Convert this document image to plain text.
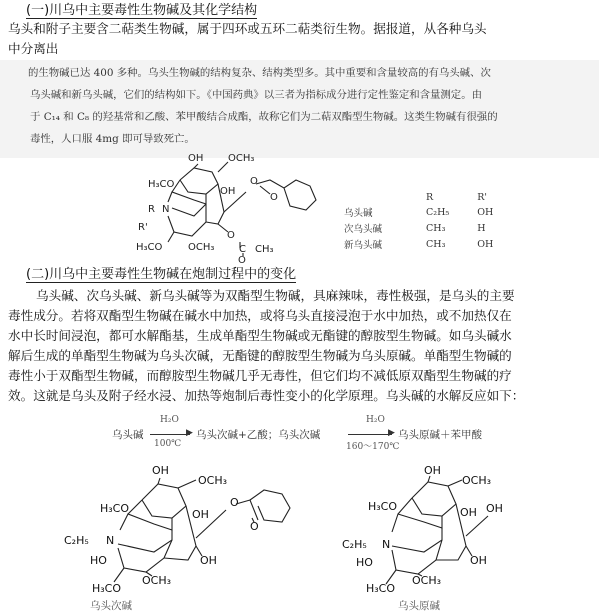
(一)川乌中主要毒性生物碱及其化学结构
乌头和附子主要含二萜类生物碱，属于四环或五环二萜类衍生物。据报道，从各种乌头
中分离出
的生物碱已达 400 多种。乌头生物碱的结构复杂、结构类型多。其中重要和含量较高的有乌头碱、次
乌头碱和新乌头碱，它们的结构如下。《中国药典》以三者为指标成分进行定性鉴定和含量测定。由
于 C₁₄ 和 C₈ 的羟基常和乙酸、苯甲酸结合成酯，故称它们为二萜双酯型生物碱。这类生物碱有很强的
毒性，人口服 4mg 即可导致死亡。
OH OCH₃
H₃CO
OH
R N
R'
H₃CO	OCH₃
O
O
O
C CH₃
O
	R	R'
乌头碱	C₂H₅	OH
次乌头碱	CH₃	H
新乌头碱	CH₃	OH
(二)川乌中主要毒性生物碱在炮制过程中的变化
乌头碱、次乌头碱、新乌头碱等为双酯型生物碱，具麻辣味，毒性极强，是乌头的主要
毒性成分。若将双酯型生物碱在碱水中加热，或将乌头直接浸泡于水中加热，或不加热仅在
水中长时间浸泡，都可水解酯基，生成单酯型生物碱或无酯键的醇胺型生物碱。如乌头碱水
解后生成的单酯型生物碱为乌头次碱，无酯键的醇胺型生物碱为乌头原碱。单酯型生物碱的
毒性小于双酯型生物碱，而醇胺型生物碱几乎无毒性，但它们均不减低原双酯型生物碱的疗
效。这就是乌头及附子经水浸、加热等炮制后毒性变小的化学原理。乌头碱的水解反应如下：
乌头碱
H₂O
▶
100℃
乌头次碱+乙酸；乌头次碱
H₂O
▶
160～170℃
乌头原碱＋苯甲酸
OH
OCH₃
H₃CO	OH
C₂H₅ N
HO
H₃CO
OCH₃
OH
O
O
乌头次碱
OH
OCH₃
H₃CO	OH OH
C₂H₅ N
HO
H₃CO
OCH₃
OH
乌头原碱
